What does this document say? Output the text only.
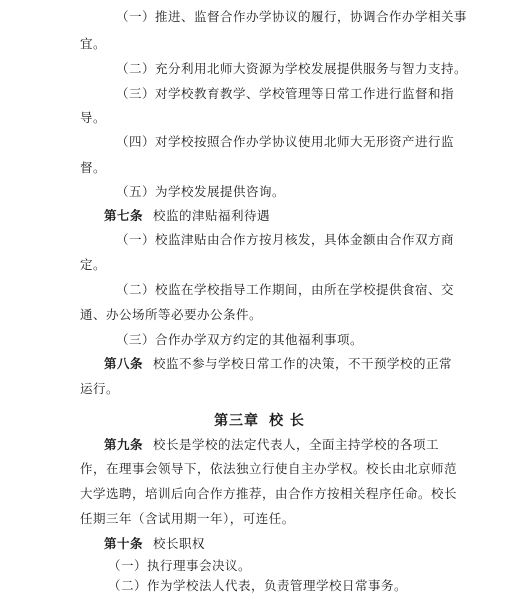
（一）推进、监督合作办学协议的履行，协调合作办学相关事
宜。
（二）充分利用北师大资源为学校发展提供服务与智力支持。
（三）对学校教育教学、学校管理等日常工作进行监督和指
导。
（四）对学校按照合作办学协议使用北师大无形资产进行监
督。
（五）为学校发展提供咨询。
第七条 校监的津贴福利待遇
（一）校监津贴由合作方按月核发，具体金额由合作双方商
定。
（二）校监在学校指导工作期间，由所在学校提供食宿、交
通、办公场所等必要办公条件。
（三）合作办学双方约定的其他福利事项。
第八条 校监不参与学校日常工作的决策，不干预学校的正常
运行。
第三章 校 长
第九条 校长是学校的法定代表人，全面主持学校的各项工
作，在理事会领导下，依法独立行使自主办学权。校长由北京师范
大学选聘，培训后向合作方推荐，由合作方按相关程序任命。校长
任期三年（含试用期一年），可连任。
第十条 校长职权
（一）执行理事会决议。
（二）作为学校法人代表，负责管理学校日常事务。
